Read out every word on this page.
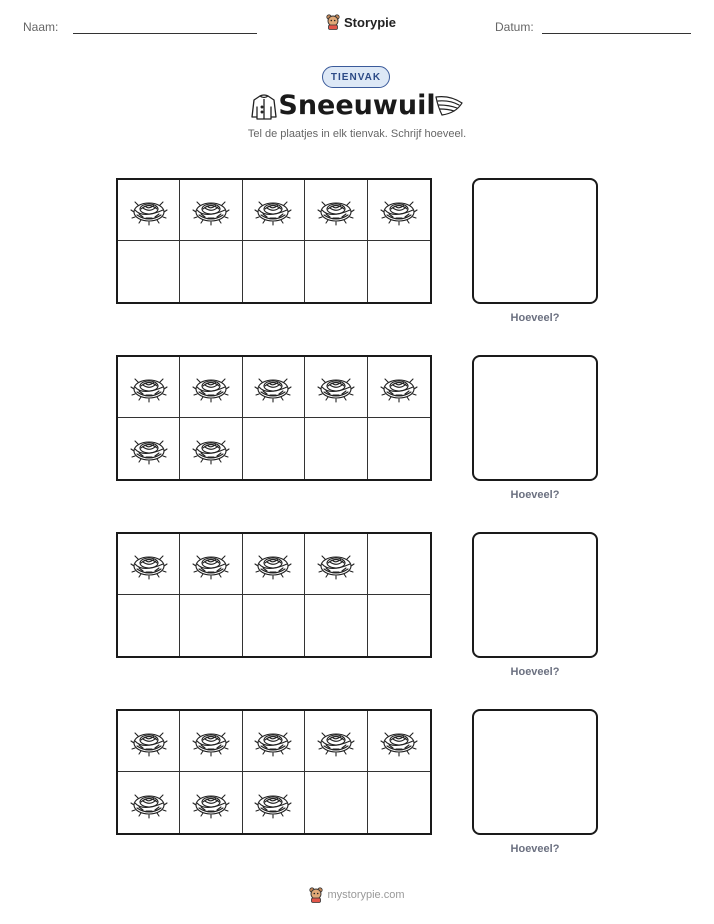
Naam:	Storypie	Datum:
TIENVAK
Sneeuwuil
Tel de plaatjes in elk tienvak. Schrijf hoeveel.
Hoeveel?
Hoeveel?
Hoeveel?
Hoeveel?
mystorypie.com
